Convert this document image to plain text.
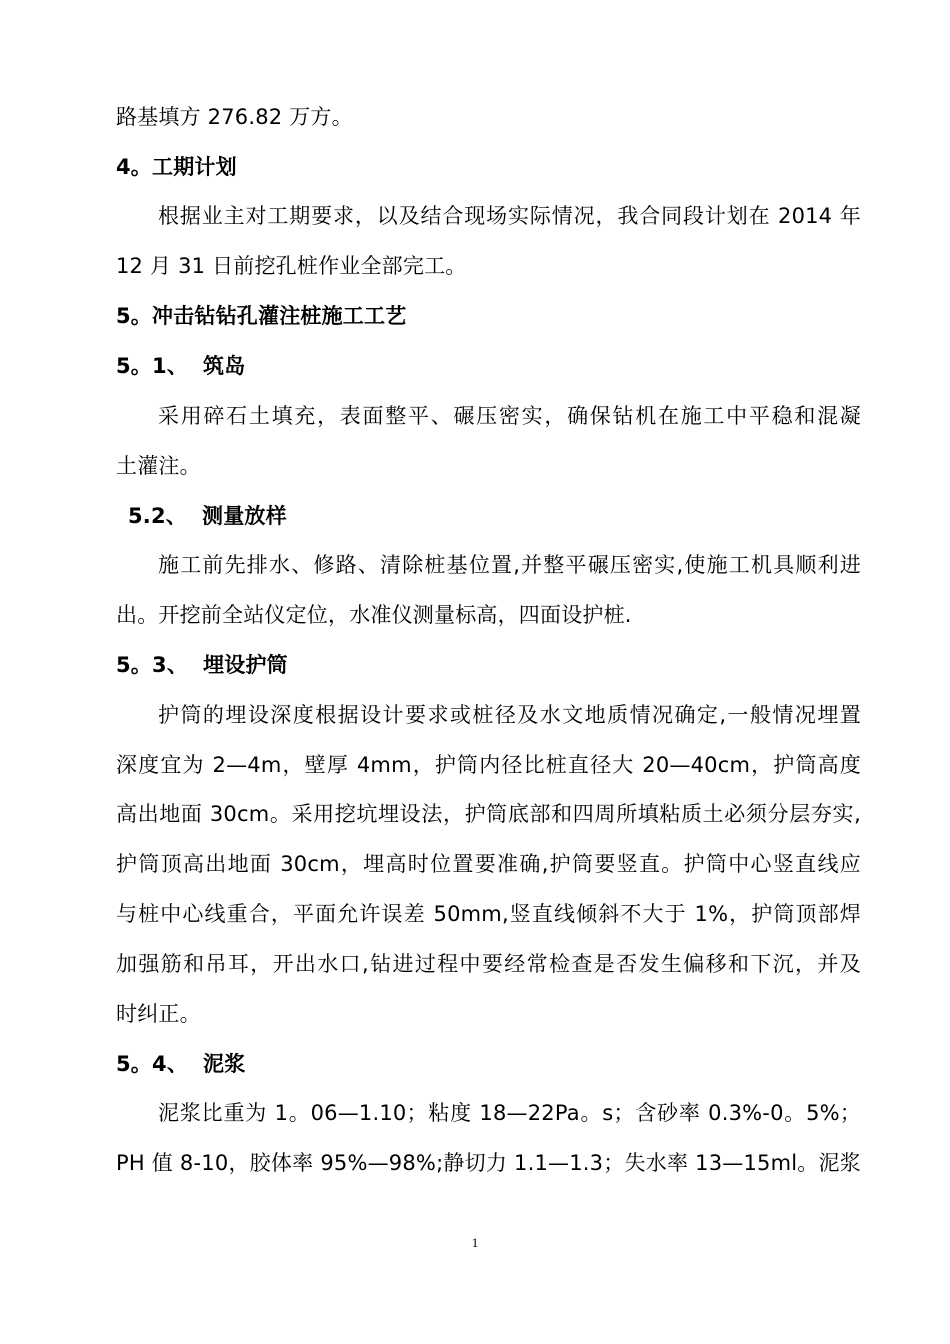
路基填方 276.82 万方。
4。工期计划
根据业主对工期要求，以及结合现场实际情况，我合同段计划在 2014 年
12 月 31 日前挖孔桩作业全部完工。
5。冲击钻钻孔灌注桩施工工艺
5。1、  筑岛
采用碎石土填充，表面整平、碾压密实，确保钻机在施工中平稳和混凝
土灌注。
5.2、  测量放样
施工前先排水、修路、清除桩基位置,并整平碾压密实,使施工机具顺利进
出。开挖前全站仪定位，水准仪测量标高，四面设护桩.
5。3、  埋设护筒
护筒的埋设深度根据设计要求或桩径及水文地质情况确定,一般情况埋置
深度宜为 2—4m，壁厚 4mm，护筒内径比桩直径大 20—40cm，护筒高度
高出地面 30cm。采用挖坑埋设法，护筒底部和四周所填粘质土必须分层夯实,
护筒顶高出地面 30cm，埋高时位置要准确,护筒要竖直。护筒中心竖直线应
与桩中心线重合，平面允许误差 50mm,竖直线倾斜不大于 1%，护筒顶部焊
加强筋和吊耳，开出水口,钻进过程中要经常检查是否发生偏移和下沉，并及
时纠正。
5。4、  泥浆
泥浆比重为 1。06—1.10；粘度 18—22Pa。s；含砂率 0.3%-0。5%；
PH 值 8-10，胶体率 95%—98%;静切力 1.1—1.3；失水率 13—15ml。泥浆
1
